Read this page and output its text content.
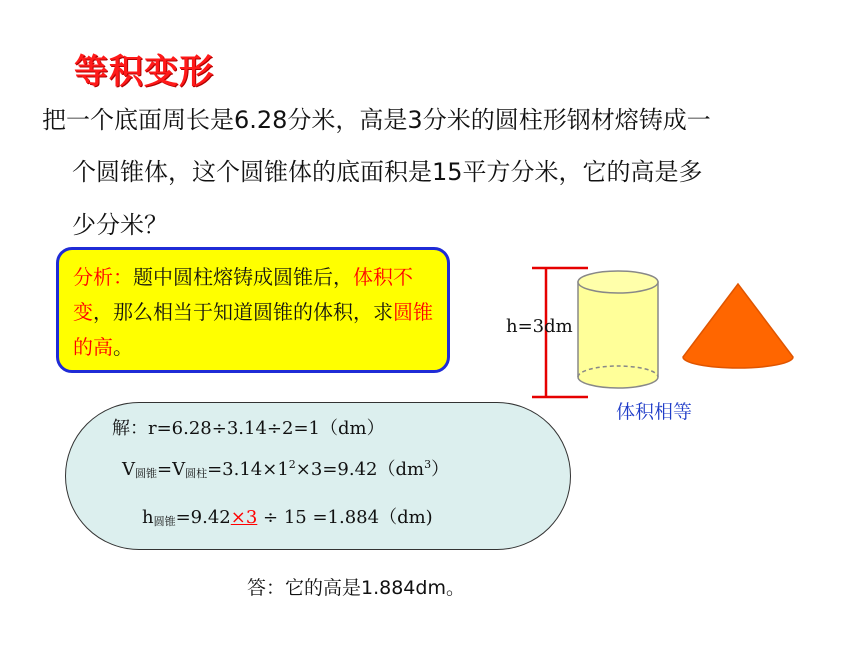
等积变形
把一个底面周长是6.28分米，高是3分米的圆柱形钢材熔铸成一
个圆锥体，这个圆锥体的底面积是15平方分米，它的高是多
少分米？
分析：题中圆柱熔铸成圆锥后，体积不变，那么相当于知道圆锥的体积，求圆锥的高。
解：r=6.28÷3.14÷2=1（dm）
$V_{圆锥}=V_{圆柱}=3.14\times 1^2\times 3=9.42(dm^3)$
$h_{圆锥}=9.42\times 3 \div 15 =1.884(dm)$
答：它的高是1.884dm。
h=3dm
体积相等
